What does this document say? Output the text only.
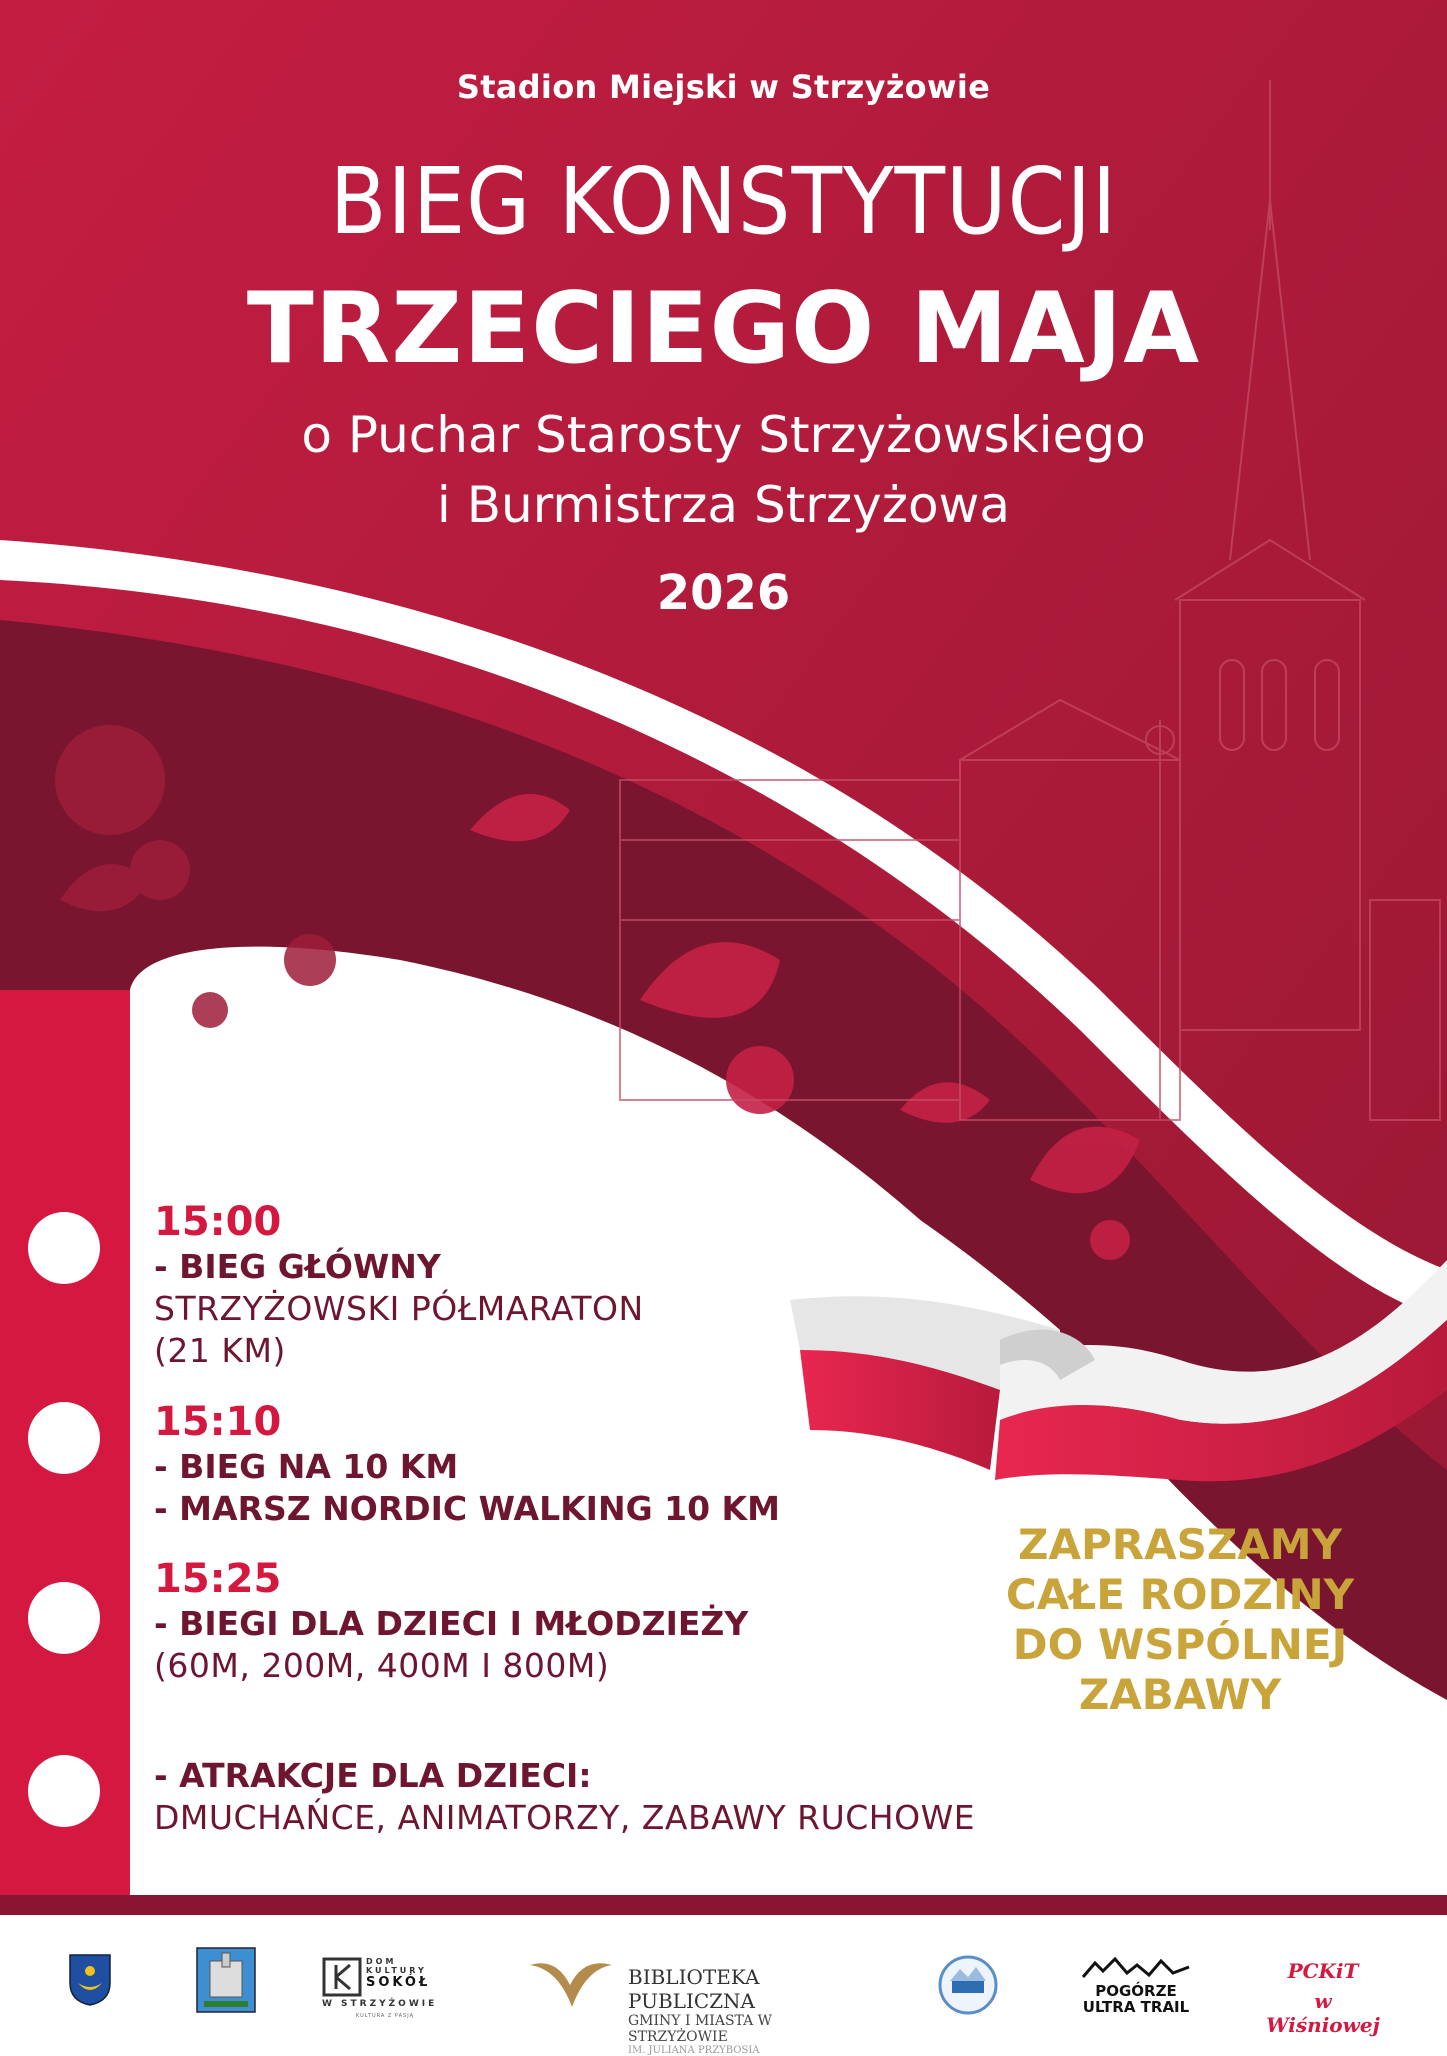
Stadion Miejski w Strzyżowie
BIEG KONSTYTUCJI
TRZECIEGO MAJA
o Puchar Starosty Strzyżowskiego
i Burmistrza Strzyżowa
2026
15:00
- BIEG GŁÓWNY
STRZYŻOWSKI PÓŁMARATON
(21 KM)
15:10
- BIEG NA 10 KM
- MARSZ NORDIC WALKING 10 KM
15:25
- BIEGI DLA DZIECI I MŁODZIEŻY
(60M, 200M, 400M I 800M)
- ATRAKCJE DLA DZIECI:
DMUCHAŃCE, ANIMATORZY, ZABAWY RUCHOWE
ZAPRASZAMY
CAŁE RODZINY
DO WSPÓLNEJ
ZABAWY
DOM
KULTURY
SOKÓŁ
W STRZYŻOWIE
KULTURA Z PASJĄ
BIBLIOTEKA PUBLICZNA
GMINY I MIASTA W STRZYŻOWIE
IM. JULIANA PRZYBOSIA
POGÓRZE
ULTRA TRAIL
PCKiT
w Wiśniowej
